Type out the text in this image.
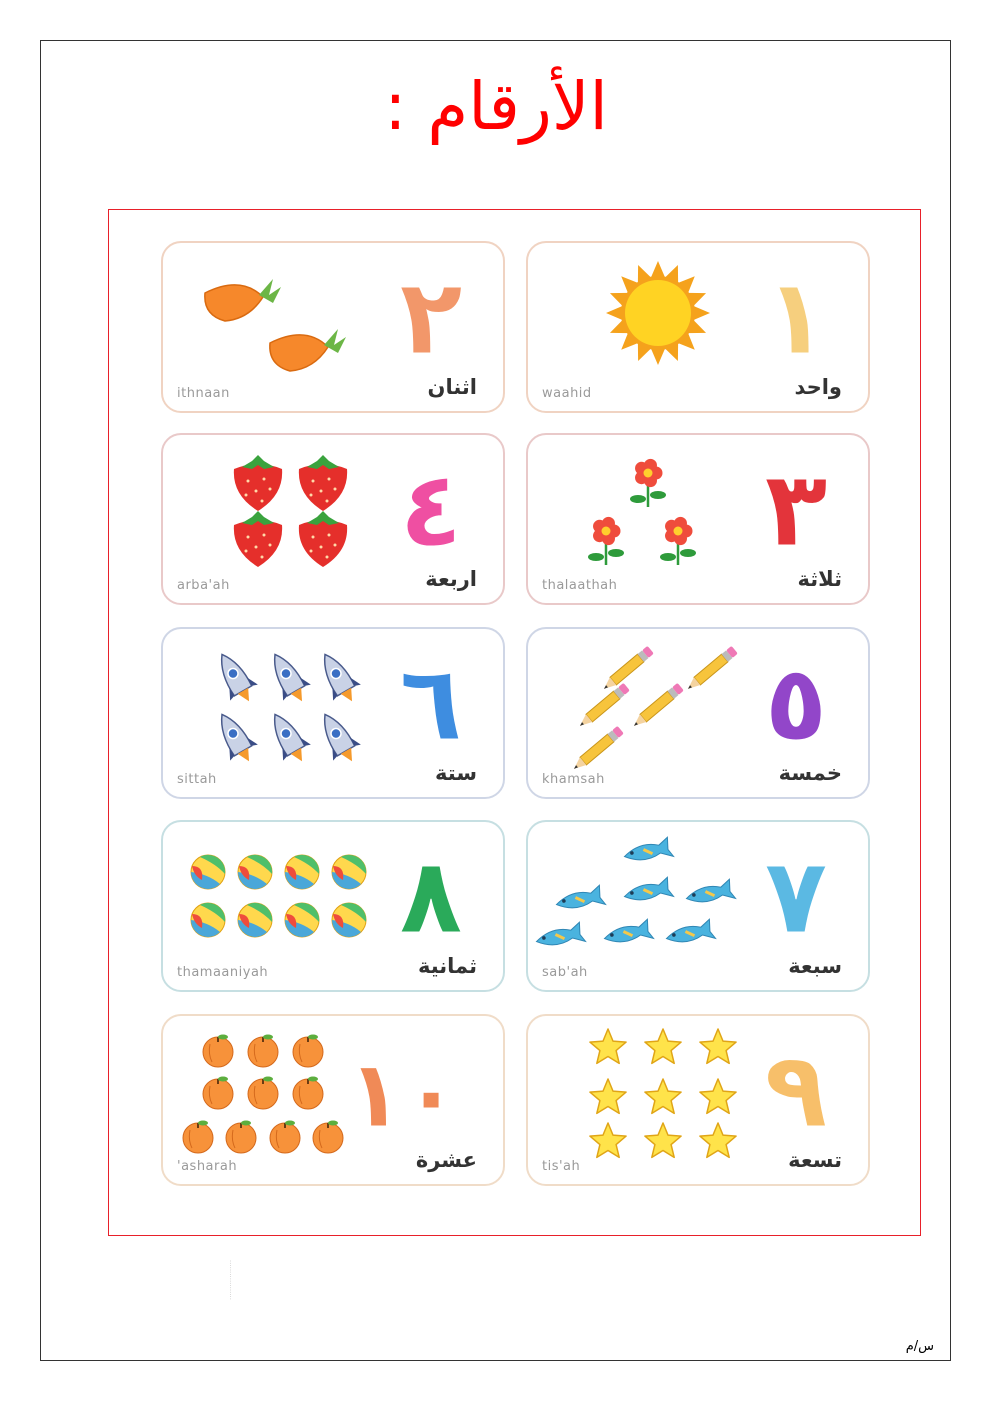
الأرقام :
··················
١
واحد
waahid
٢
اثنان
ithnaan
٣
ثلاثة
thalaathah
٤
اربعة
arba'ah
٥
خمسة
khamsah
٦
ستة
sittah
٧
سبعة
sab'ah
٨
ثمانية
thamaaniyah
٩
تسعة
tis'ah
١٠
عشرة
'asharah
س/م
